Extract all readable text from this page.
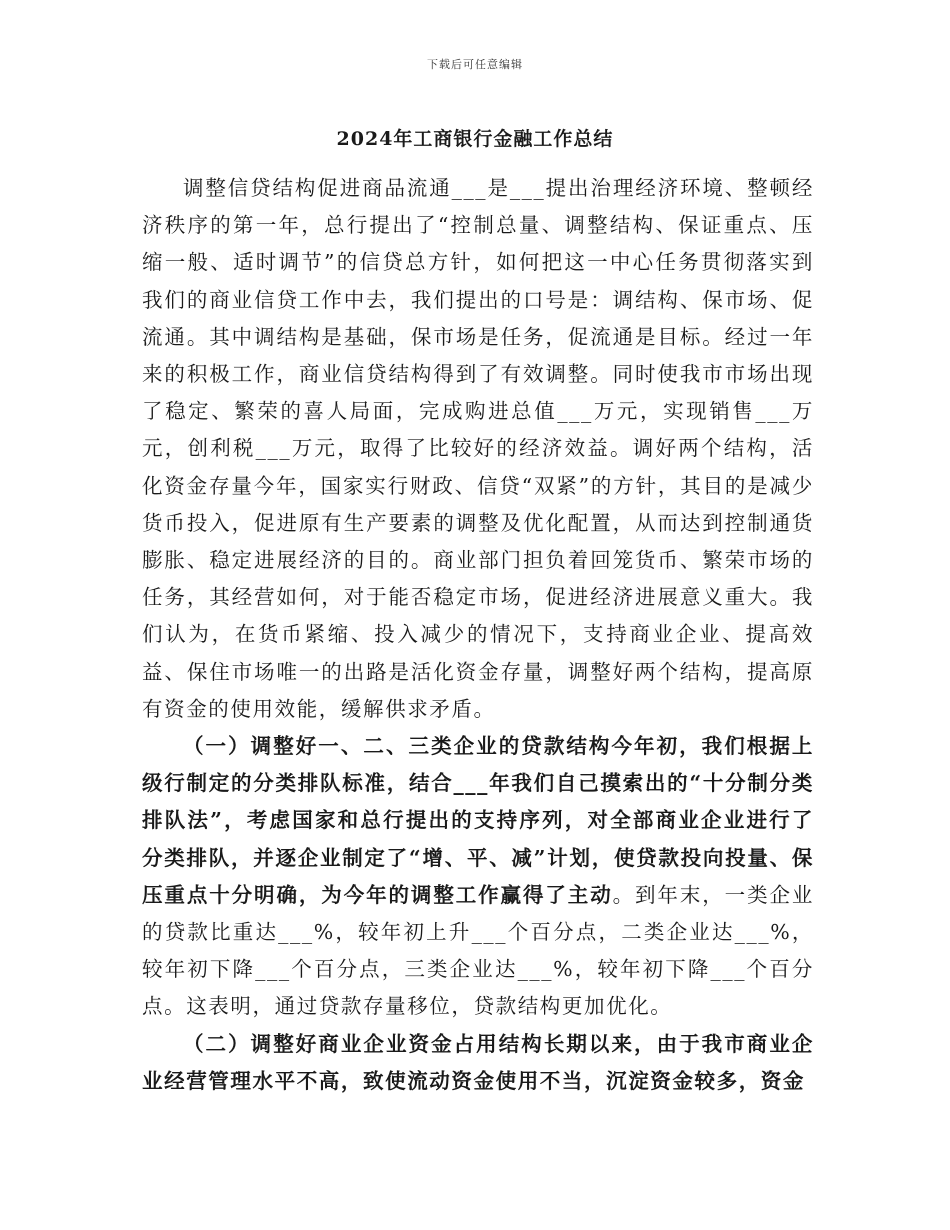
下载后可任意编辑
2024年工商银行金融工作总结

调整信贷结构促进商品流通___是___提出治理经济环境、整顿经济秩序的第一年，总行提出了“控制总量、调整结构、保证重点、压缩一般、适时调节”的信贷总方针，如何把这一中心任务贯彻落实到我们的商业信贷工作中去，我们提出的口号是：调结构、保市场、促流通。其中调结构是基础，保市场是任务，促流通是目标。经过一年来的积极工作，商业信贷结构得到了有效调整。同时使我市市场出现了稳定、繁荣的喜人局面，完成购进总值___万元，实现销售___万元，创利税___万元，取得了比较好的经济效益。调好两个结构，活化资金存量今年，国家实行财政、信贷“双紧”的方针，其目的是减少货币投入，促进原有生产要素的调整及优化配置，从而达到控制通货膨胀、稳定进展经济的目的。商业部门担负着回笼货币、繁荣市场的任务，其经营如何，对于能否稳定市场，促进经济进展意义重大。我们认为，在货币紧缩、投入减少的情况下，支持商业企业、提高效益、保住市场唯一的出路是活化资金存量，调整好两个结构，提高原有资金的使用效能，缓解供求矛盾。

（一）调整好一、二、三类企业的贷款结构今年初，我们根据上级行制定的分类排队标准，结合___年我们自己摸索出的“十分制分类排队法”，考虑国家和总行提出的支持序列，对全部商业企业进行了分类排队，并逐企业制定了“增、平、减”计划，使贷款投向投量、保压重点十分明确，为今年的调整工作赢得了主动。到年末，一类企业的贷款比重达___%，较年初上升___个百分点，二类企业达___%，较年初下降___个百分点，三类企业达___%，较年初下降___个百分点。这表明，通过贷款存量移位，贷款结构更加优化。

（二）调整好商业企业资金占用结构长期以来，由于我市商业企业经营管理水平不高，致使流动资金使用不当，沉淀资金较多，资金
